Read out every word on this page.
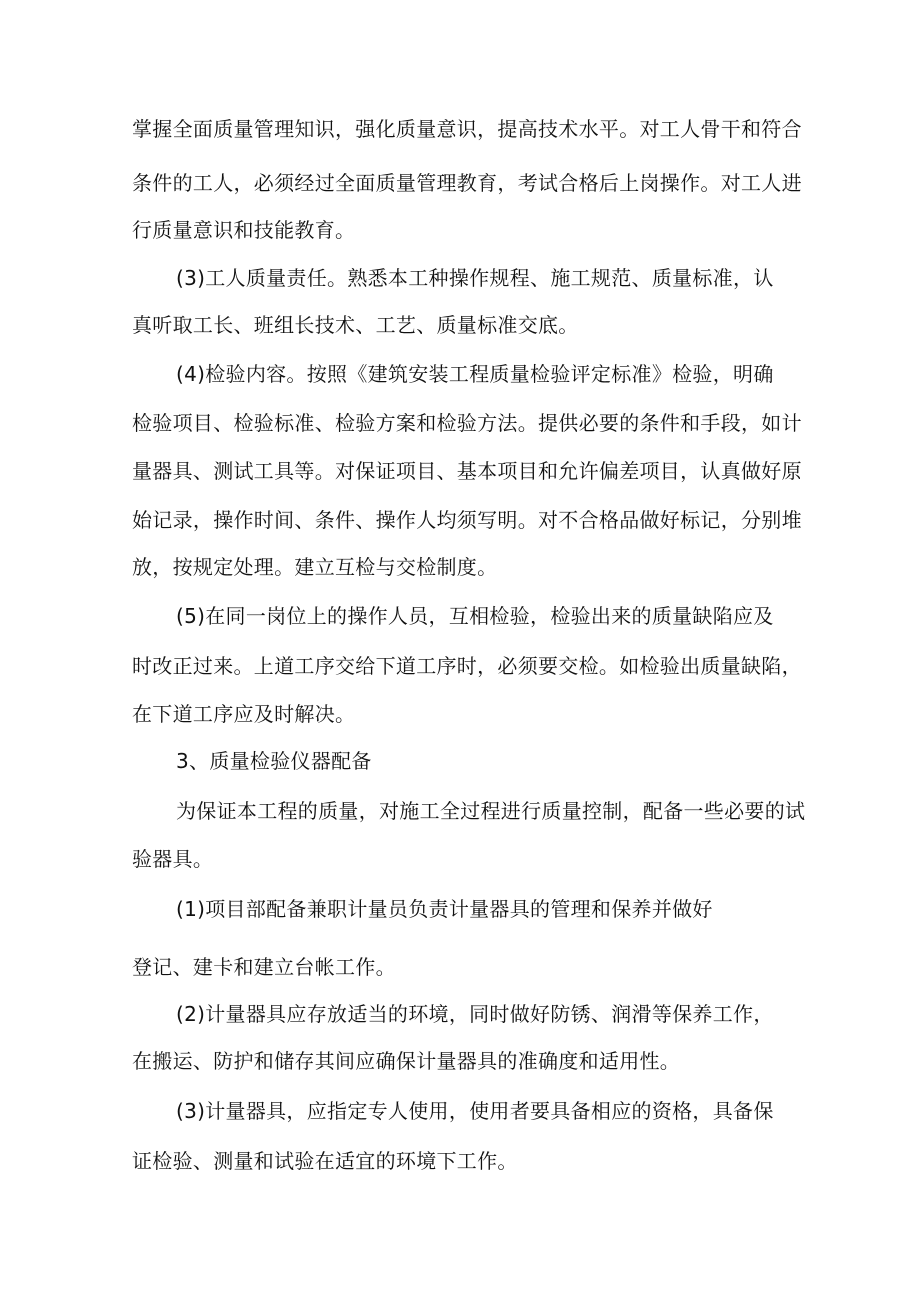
掌握全面质量管理知识，强化质量意识，提高技术水平。对工人骨干和符合
条件的工人，必须经过全面质量管理教育，考试合格后上岗操作。对工人进
行质量意识和技能教育。
(3)工人质量责任。熟悉本工种操作规程、施工规范、质量标准，认
真听取工长、班组长技术、工艺、质量标准交底。
(4)检验内容。按照《建筑安装工程质量检验评定标准》检验，明确
检验项目、检验标准、检验方案和检验方法。提供必要的条件和手段，如计
量器具、测试工具等。对保证项目、基本项目和允许偏差项目，认真做好原
始记录，操作时间、条件、操作人均须写明。对不合格品做好标记，分别堆
放，按规定处理。建立互检与交检制度。
(5)在同一岗位上的操作人员，互相检验，检验出来的质量缺陷应及
时改正过来。上道工序交给下道工序时，必须要交检。如检验出质量缺陷，
在下道工序应及时解决。
3、质量检验仪器配备
为保证本工程的质量，对施工全过程进行质量控制，配备一些必要的试
验器具。
(1)项目部配备兼职计量员负责计量器具的管理和保养并做好
登记、建卡和建立台帐工作。
(2)计量器具应存放适当的环境，同时做好防锈、润滑等保养工作，
在搬运、防护和储存其间应确保计量器具的准确度和适用性。
(3)计量器具，应指定专人使用，使用者要具备相应的资格，具备保
证检验、测量和试验在适宜的环境下工作。
